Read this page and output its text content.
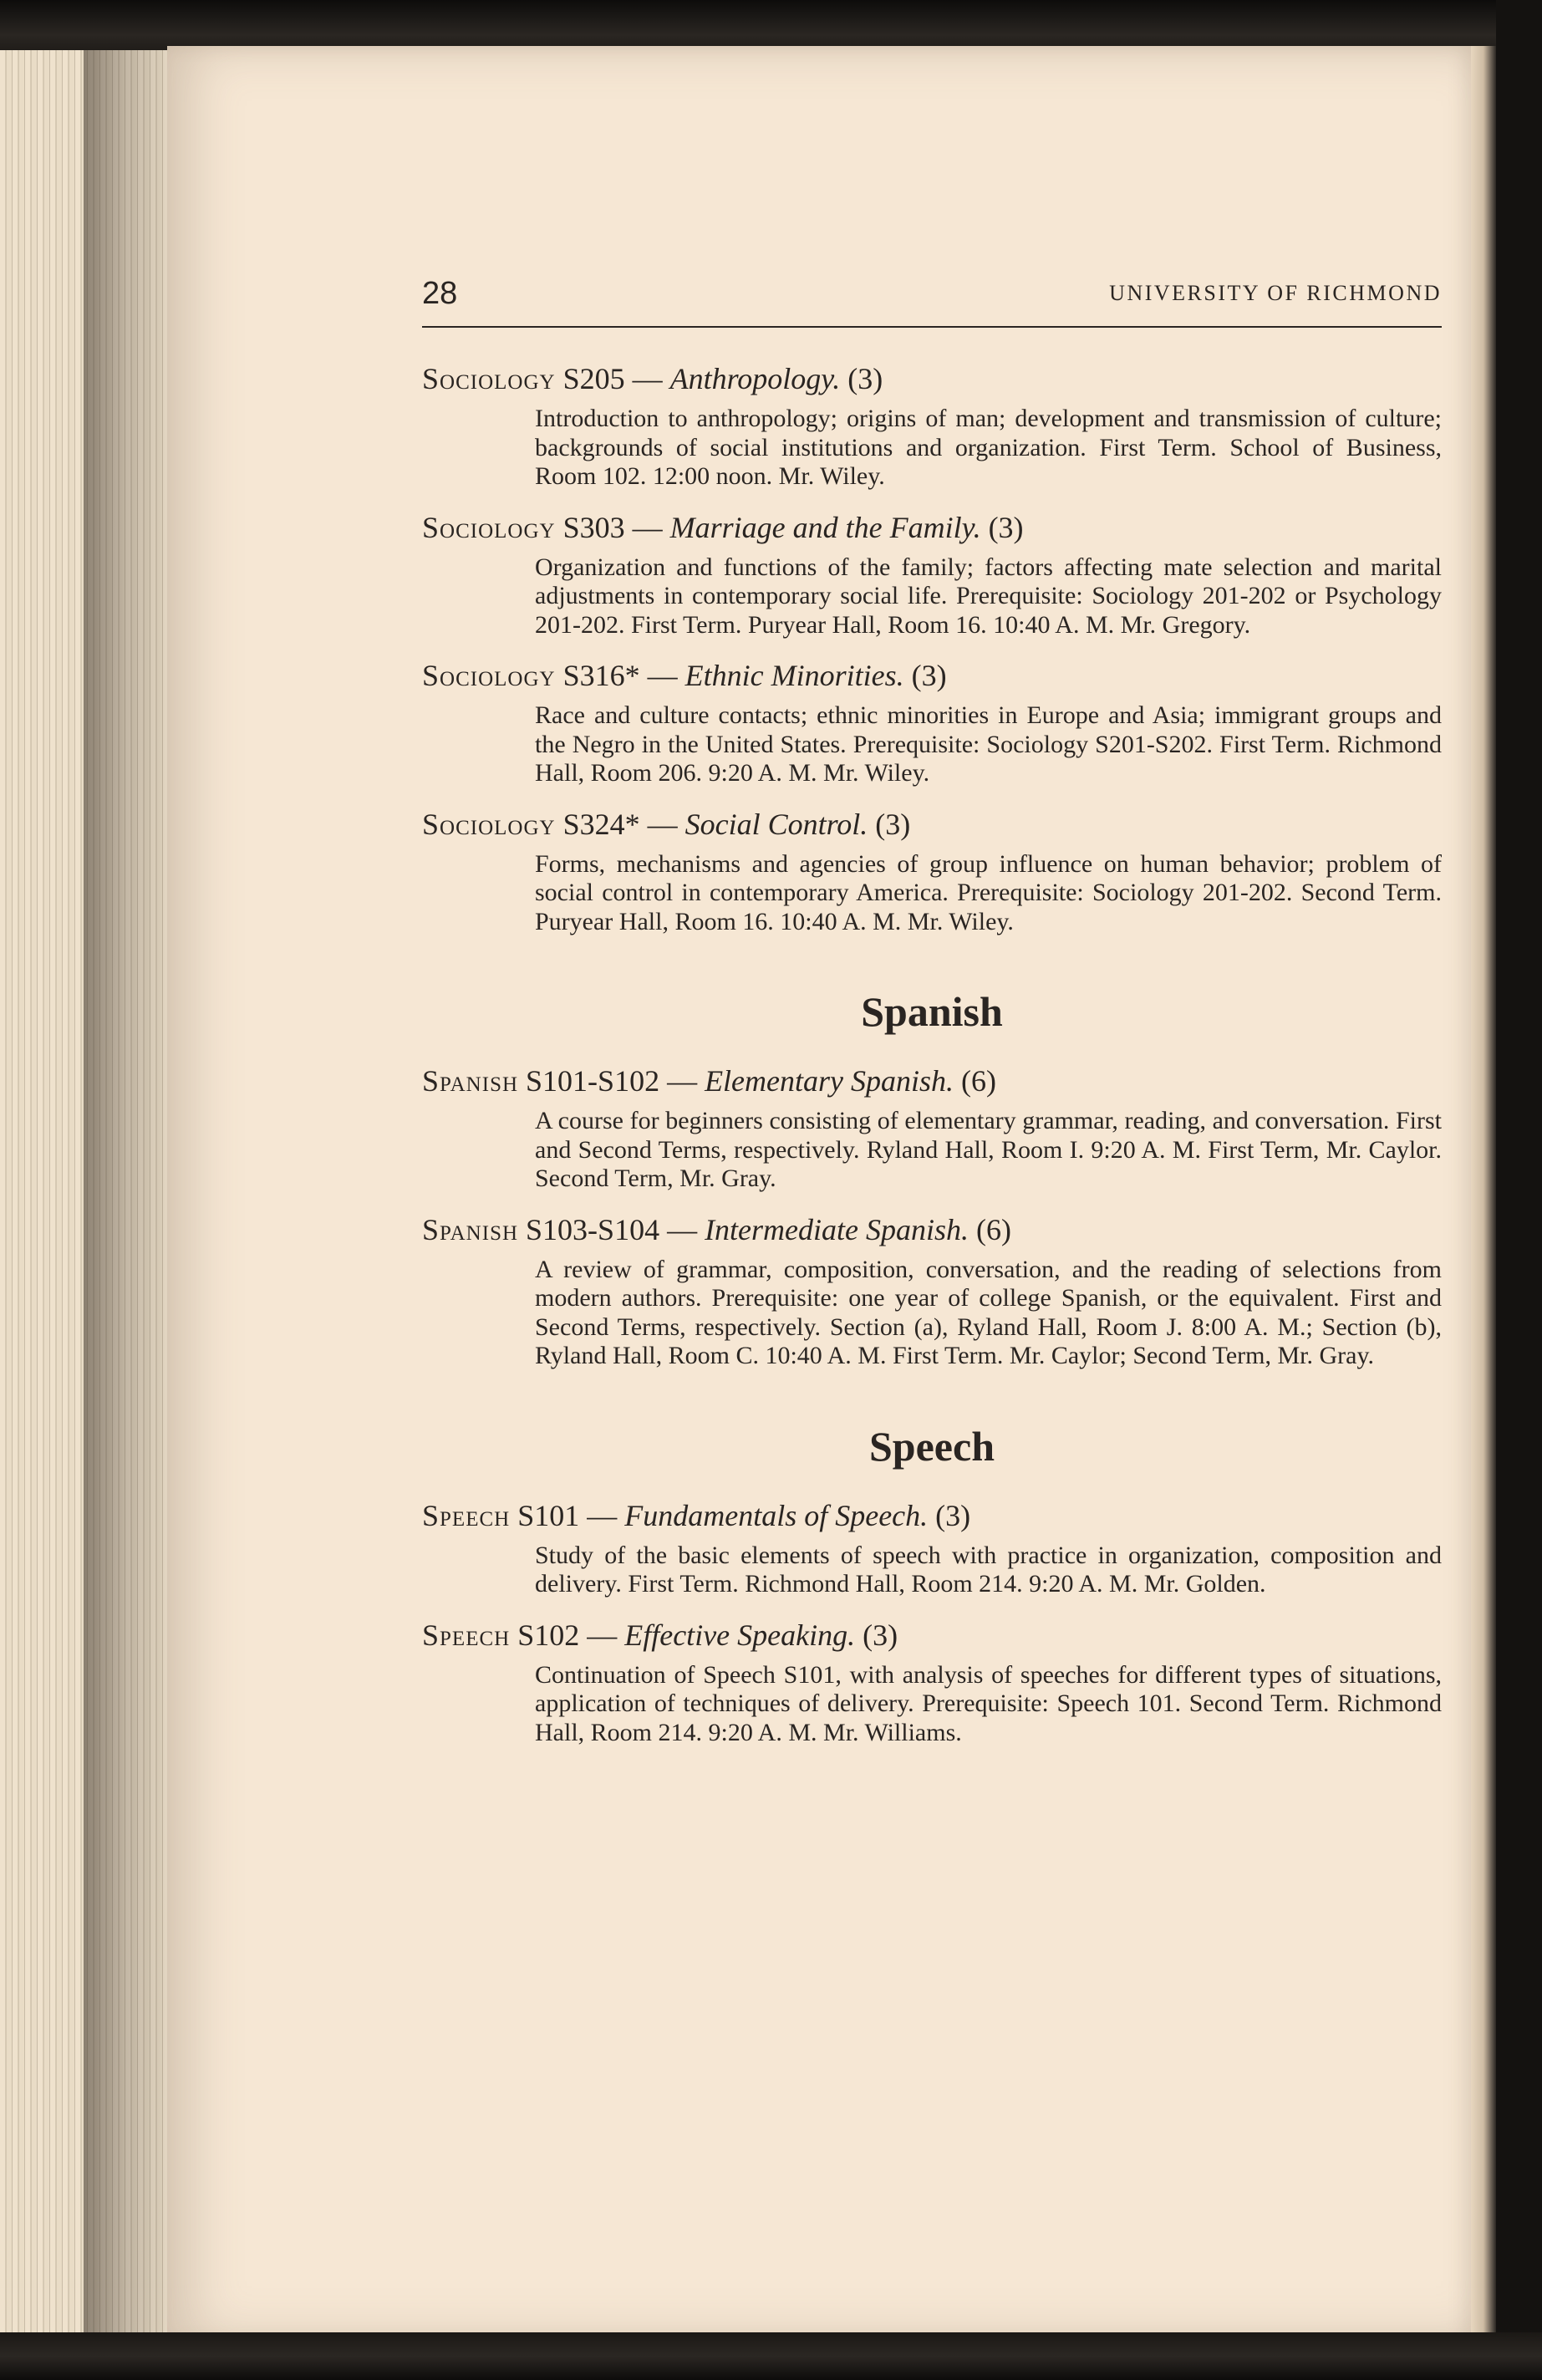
28	UNIVERSITY OF RICHMOND
Sociology S205 — Anthropology. (3)
Introduction to anthropology; origins of man; development and transmission of culture; backgrounds of social institutions and organization. First Term. School of Business, Room 102. 12:00 noon. Mr. Wiley.
Sociology S303 — Marriage and the Family. (3)
Organization and functions of the family; factors affecting mate selection and marital adjustments in contemporary social life. Prerequisite: Sociology 201-202 or Psychology 201-202. First Term. Puryear Hall, Room 16. 10:40 A. M. Mr. Gregory.
Sociology S316* — Ethnic Minorities. (3)
Race and culture contacts; ethnic minorities in Europe and Asia; immigrant groups and the Negro in the United States. Prerequisite: Sociology S201-S202. First Term. Richmond Hall, Room 206. 9:20 A. M. Mr. Wiley.
Sociology S324* — Social Control. (3)
Forms, mechanisms and agencies of group influence on human behavior; problem of social control in contemporary America. Prerequisite: Sociology 201-202. Second Term. Puryear Hall, Room 16. 10:40 A. M. Mr. Wiley.
Spanish
Spanish S101-S102 — Elementary Spanish. (6)
A course for beginners consisting of elementary grammar, reading, and conversation. First and Second Terms, respectively. Ryland Hall, Room I. 9:20 A. M. First Term, Mr. Caylor. Second Term, Mr. Gray.
Spanish S103-S104 — Intermediate Spanish. (6)
A review of grammar, composition, conversation, and the reading of selections from modern authors. Prerequisite: one year of college Spanish, or the equivalent. First and Second Terms, respectively. Section (a), Ryland Hall, Room J. 8:00 A. M.; Section (b), Ryland Hall, Room C. 10:40 A. M. First Term. Mr. Caylor; Second Term, Mr. Gray.
Speech
Speech S101 — Fundamentals of Speech. (3)
Study of the basic elements of speech with practice in organization, composition and delivery. First Term. Richmond Hall, Room 214. 9:20 A. M. Mr. Golden.
Speech S102 — Effective Speaking. (3)
Continuation of Speech S101, with analysis of speeches for different types of situations, application of techniques of delivery. Prerequisite: Speech 101. Second Term. Richmond Hall, Room 214. 9:20 A. M. Mr. Williams.
